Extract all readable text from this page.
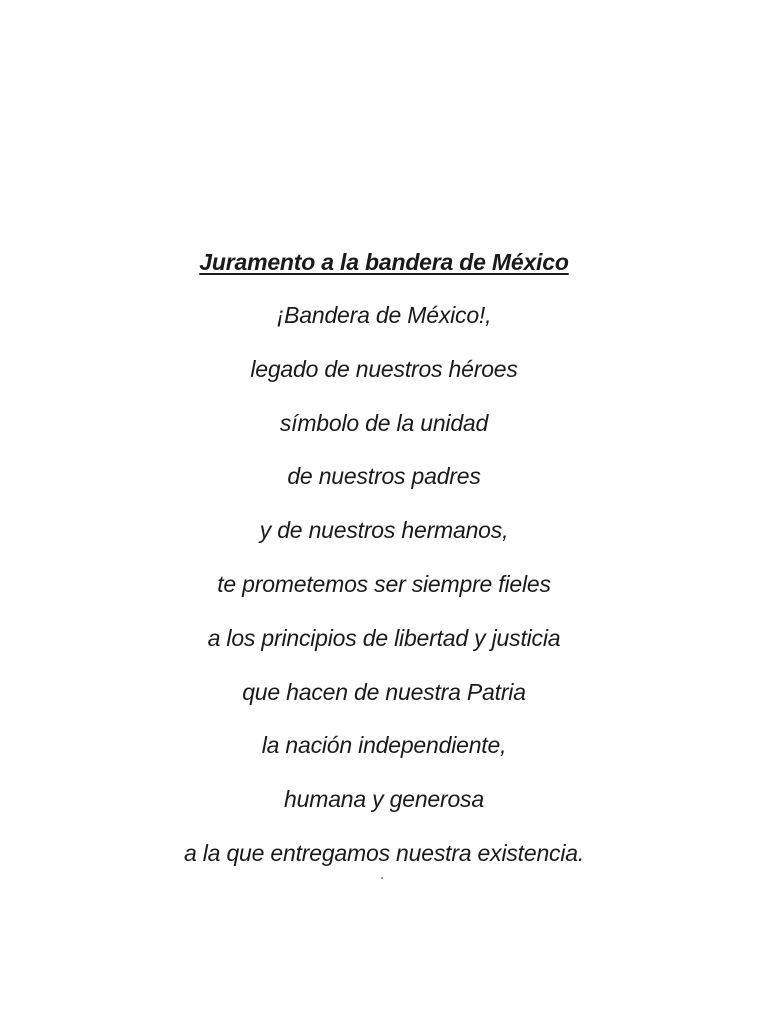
Juramento a la bandera de México
¡Bandera de México!,
legado de nuestros héroes
símbolo de la unidad
de nuestros padres
y de nuestros hermanos,
te prometemos ser siempre fieles
a los principios de libertad y justicia
que hacen de nuestra Patria
la nación independiente,
humana y generosa
a la que entregamos nuestra existencia.
